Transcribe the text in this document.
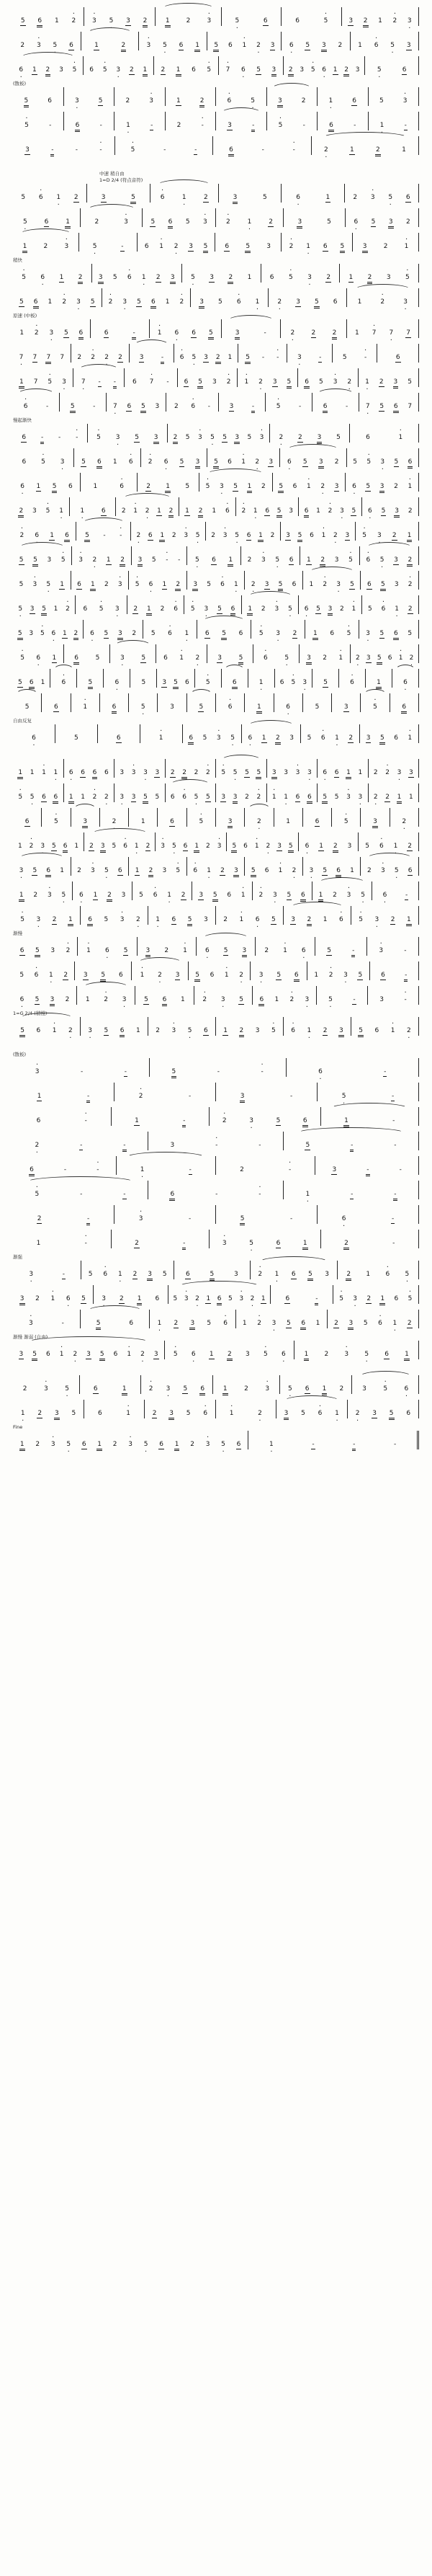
5 6 1 · 2	· 3 5 · 3 2	1	2	· 3	5 ·	6	6	· 5	3 2 1 · 2 3 ·
2 · 3 5 · 6	1	2	· 3 5 · 6 1 5 6 · 1 2 · 3 6 · 5 3 2 1 · 6 5 · 3
6 · 1 2 3 · 5 6 · 5 3 · 2 1 2 1 6 · 5 · 7 6 · 5 3 2 3 · 5 6 · 1 2 3	5 ·	6
(散板)
5	6	3 ·	5	2	· 3	1	2	· 6	5 ·	3	2	1 ·	6	5	· 3
· 5	-	6	-	1 ·	-	2	· -	3	-	· 5	-	6	-	1 ·	-
3	-	-	· -	· 5	-	-	6	-	· -	2 ·	1	2	1
中速 稍自由
1=D 2/4 (符点音符)
5 · 6 1 · 2	3	5	· 6	1 ·	2	3	5	6 ·	1	2 · 3 5 · 6
5 ·	6	1	2	· 3	5 6 5 · 3	· 2	1 ·	2	3	5	6 · 5 3 2
1	2	· 3	5 ·	-	6 · 1 2 · 3 5	6	5	3	· 2 1 · 6 5	3	2	· 1
稍快
· 5 6 · 1 2 3 5 · 6 1 · 2 3 5 · 3 2 1	6 · 5 3 · 2	1 2 3 · 5
5 6 1 · 2 3 · 5 · 2 3 · 5 6 1 · 2 3 5 · 6 1 ·	2 · 3 5 6	1	· 2	3 ·
原速 (中板)
1 · 2 3 · 5 6	6	-	· 1 6 · 6 5	3	-	2 ·	2	2	1 · 7 7 · 7
7 · 7 7 7 2 · 2 2 · 2	3	-	· 6 5 · 3 2 1 5 - · -	3 ·	-	5	· -	6
1 7 · 5 3 · 7 · - -	6 · 7 - 6 5 3 · 2 · 1 2 · 3 5 6 5 · 3 2 · 1 · 2 3 5
· 6	-	5	-	7 · 6 5 3 2 · 6 -	3	-	· 5	-	6	-	7 · 5 6 7
慢起渐快
6 - - · -	· 5 3 · 5 3 2 5 · 3 5 · 5 3 5 · 3 2 · 2 3 5	6	· 1
6 · 5 3 ·	5 6 1 · 6 · 2 6 · 5 3 5 6 · 1 2 · 3 6 · 5 3 2 5 · 5 3 · 5 6
6 · 1 5 6	1	· 6	2 1 5	· 5 3 · 5 1 2 5 6 · 1 2 · 3 6 · 5 3 2 · 1
2 3 · 5 1 ·	1 ·	6 2 · 1 2 · 1 2 1 2 1 · 6 · 2 1 · 6 5 3 6 1 · 2 3 · 5 6 · 5 3 2
· 2 6 · 1 6 5 - · - 2 · 6 1 2 · 3 5 · 2 · 3 5 · 6 1 2 3 5 6 · 1 2 · 3 · 5 3 · 2 1
5 5 3 · 5 · 3 2 · 1 2 3 5 · - - 5 · 6 1 2 · 3 5 · 6 1 2 3 · 5 · 6 5 · 3 2
5 · 3 5 · 1 6 1 2 · 3 · 5 6 · 1 2 3 5 · 6 1 · 2 · 3 5 6 1 · 2 3 · 5 6 5 3 · 2
5 · 3 5 1 · 2 6 · 5 3 · 2 1 2 · 6 · 5 3 · 5 6 1 2 · 3 5 · 6 · 5 3 2 · 1 5 · 6 1 · 2
5 3 · 5 6 · 1 2 6 · 5 3 2 5 · 6 1 ·	6 5 6	· 5 3 · 2	1 6 · 5 3 · 5 6 5
· 5 6 · 1	6	5	3 ·	5	6 · 1 2 ·	3	5	· 6	5 ·	3 2 · 1 2 · 3 5 6 · 1 2 ·
5 6 1	· 6	5	6 ·	5	3 5 6	· 5	6	1 ·	6 · 5 3 ·	5	· 6	1	6 ·
5	6	· 1	6	5 ·	3	5	· 6	1	6 ·	5	3	· 5	6
自由反复
6 ·	5	6	· 1	6 5 · 3 5 · 6 · 1 2 3 5 · 6 1 · 2 3 5 6 · 1
1 1 · 1 1 · 6 · 6 6 6 3 · 3 3 · 3 2 2 2 · 2 · 5 5 · 5 5 3 3 · 3 3 · 6 · 6 1 1 2 · 2 3 · 3
· 5 5 · 6 6 1 1 · 2 2 · 3 · 3 5 5 6 · 6 5 · 5 3 3 2 · 2 · 1 1 · 6 6 5 5 · 3 3 · 2 · 2 1 1
6	· 5	3	2 ·	1	6	· 5	3	2 ·	1	6	· 5	3	2 ·
1 · 2 3 · 5 6 1 2 3 5 · 6 1 · 2 · 3 5 · 6 1 2 · 3 5 6 · 1 2 · 3 5 6 · 1 2 3 5 · 6 1 · 2
3 · 5 6 1 2 · 3 5 · 6 1 2 3 · 5 · 6 1 · 2 3 5 6 · 1 2 · 3 · 5 6 1 2 · 3 5 · 6
1 2 · 3 5 · 6 · 1 2 3 5 · 6 1 · 2 3 5 6 · 1 · 2 3 · 5 6 1 2 · 3 5 ·	6 ·	-
· 5 3 · 2 1 6 5 · 3 2 · 1 · 6 5 3 2 · 1 6 · 5 3 2 1 · 6 · 5 3 · 2 1
渐慢
6 5 3 · 2	· 1 6 · 5	3 2 · 1	6 · 5 3	2 · 1 6 ·	5	-	· 3	-
5 · 6 1 · 2 3 5 6	· 1 2 · 3 5 6 · 1 2 · 3 · 5 6 1 · 2 3 · 5	6	-
6 · 5 3 2	1 · 2 3 ·	5 6 1	· 2 3 · 5 6 1 · 2 3 ·	5 ·	-	3	· -
1=G 2/4 (稍慢)
5 6 · 1 2 · 3 · 5 6 1 2 · 3 5 · 6 1 2 3 · 5 · 6 1 · 2 3 5 6 · 1 2 ·
(散板)
· 3	-	-	5	-	· -	6 ·	-
1	-	· 2	-	3	-	5 ·	-
6	· -	1	-	· 2	3 ·	5	6	1	-
2 ·	-	-	3	· -	-	5	-	-
6	-	· -	1 ·	-	2	· -	3	-	-
· 5	-	-	6	-	· -	1 ·	-	-
2	-	· 3	-	5	-	6 ·	-
1	· -	2	-	· 3	5 ·	6	1	2	-
渐强
3 ·	-	5 · 6 1 · 2 3 5	6	5	3	· 2 1 · 6 5 3	2 1 · 6 5 ·
3 2 · 1 6 · 5 3 · 2 1 6 5 · 3 2 · 1 6 5 · 3 2 · 1	6	-	· 5 3 · 2 1 6 · 5
· 3	-	5	6	1 · 2 3 5 · 6 1 · 2 3 · 5 6 1 2 3 5 · 6 1 · 2
渐慢 渐弱 (自由)
3 5 6 · 1 2 · 3 5 6 · 1 2 · 3 · 5 6 · 1 2 3 · 5 6 ·	1 2 · 3 5 · 6 1
2	· 3	5 ·	6	1	· 2 3 · 5 6	1	2	· 3	5 · 6 1 2	3	· 5	6 ·
1 · 2 3 5	6	· 1	2 3 5 · 6	· 1	2 ·	3 5 · 6 1 ·	2 · 3 5 6
Fine
1 2 · 3 5 · 6 1 2 · 3 5 · 6 1 2 · 3 5 · 6	1 ·	-	-	-
